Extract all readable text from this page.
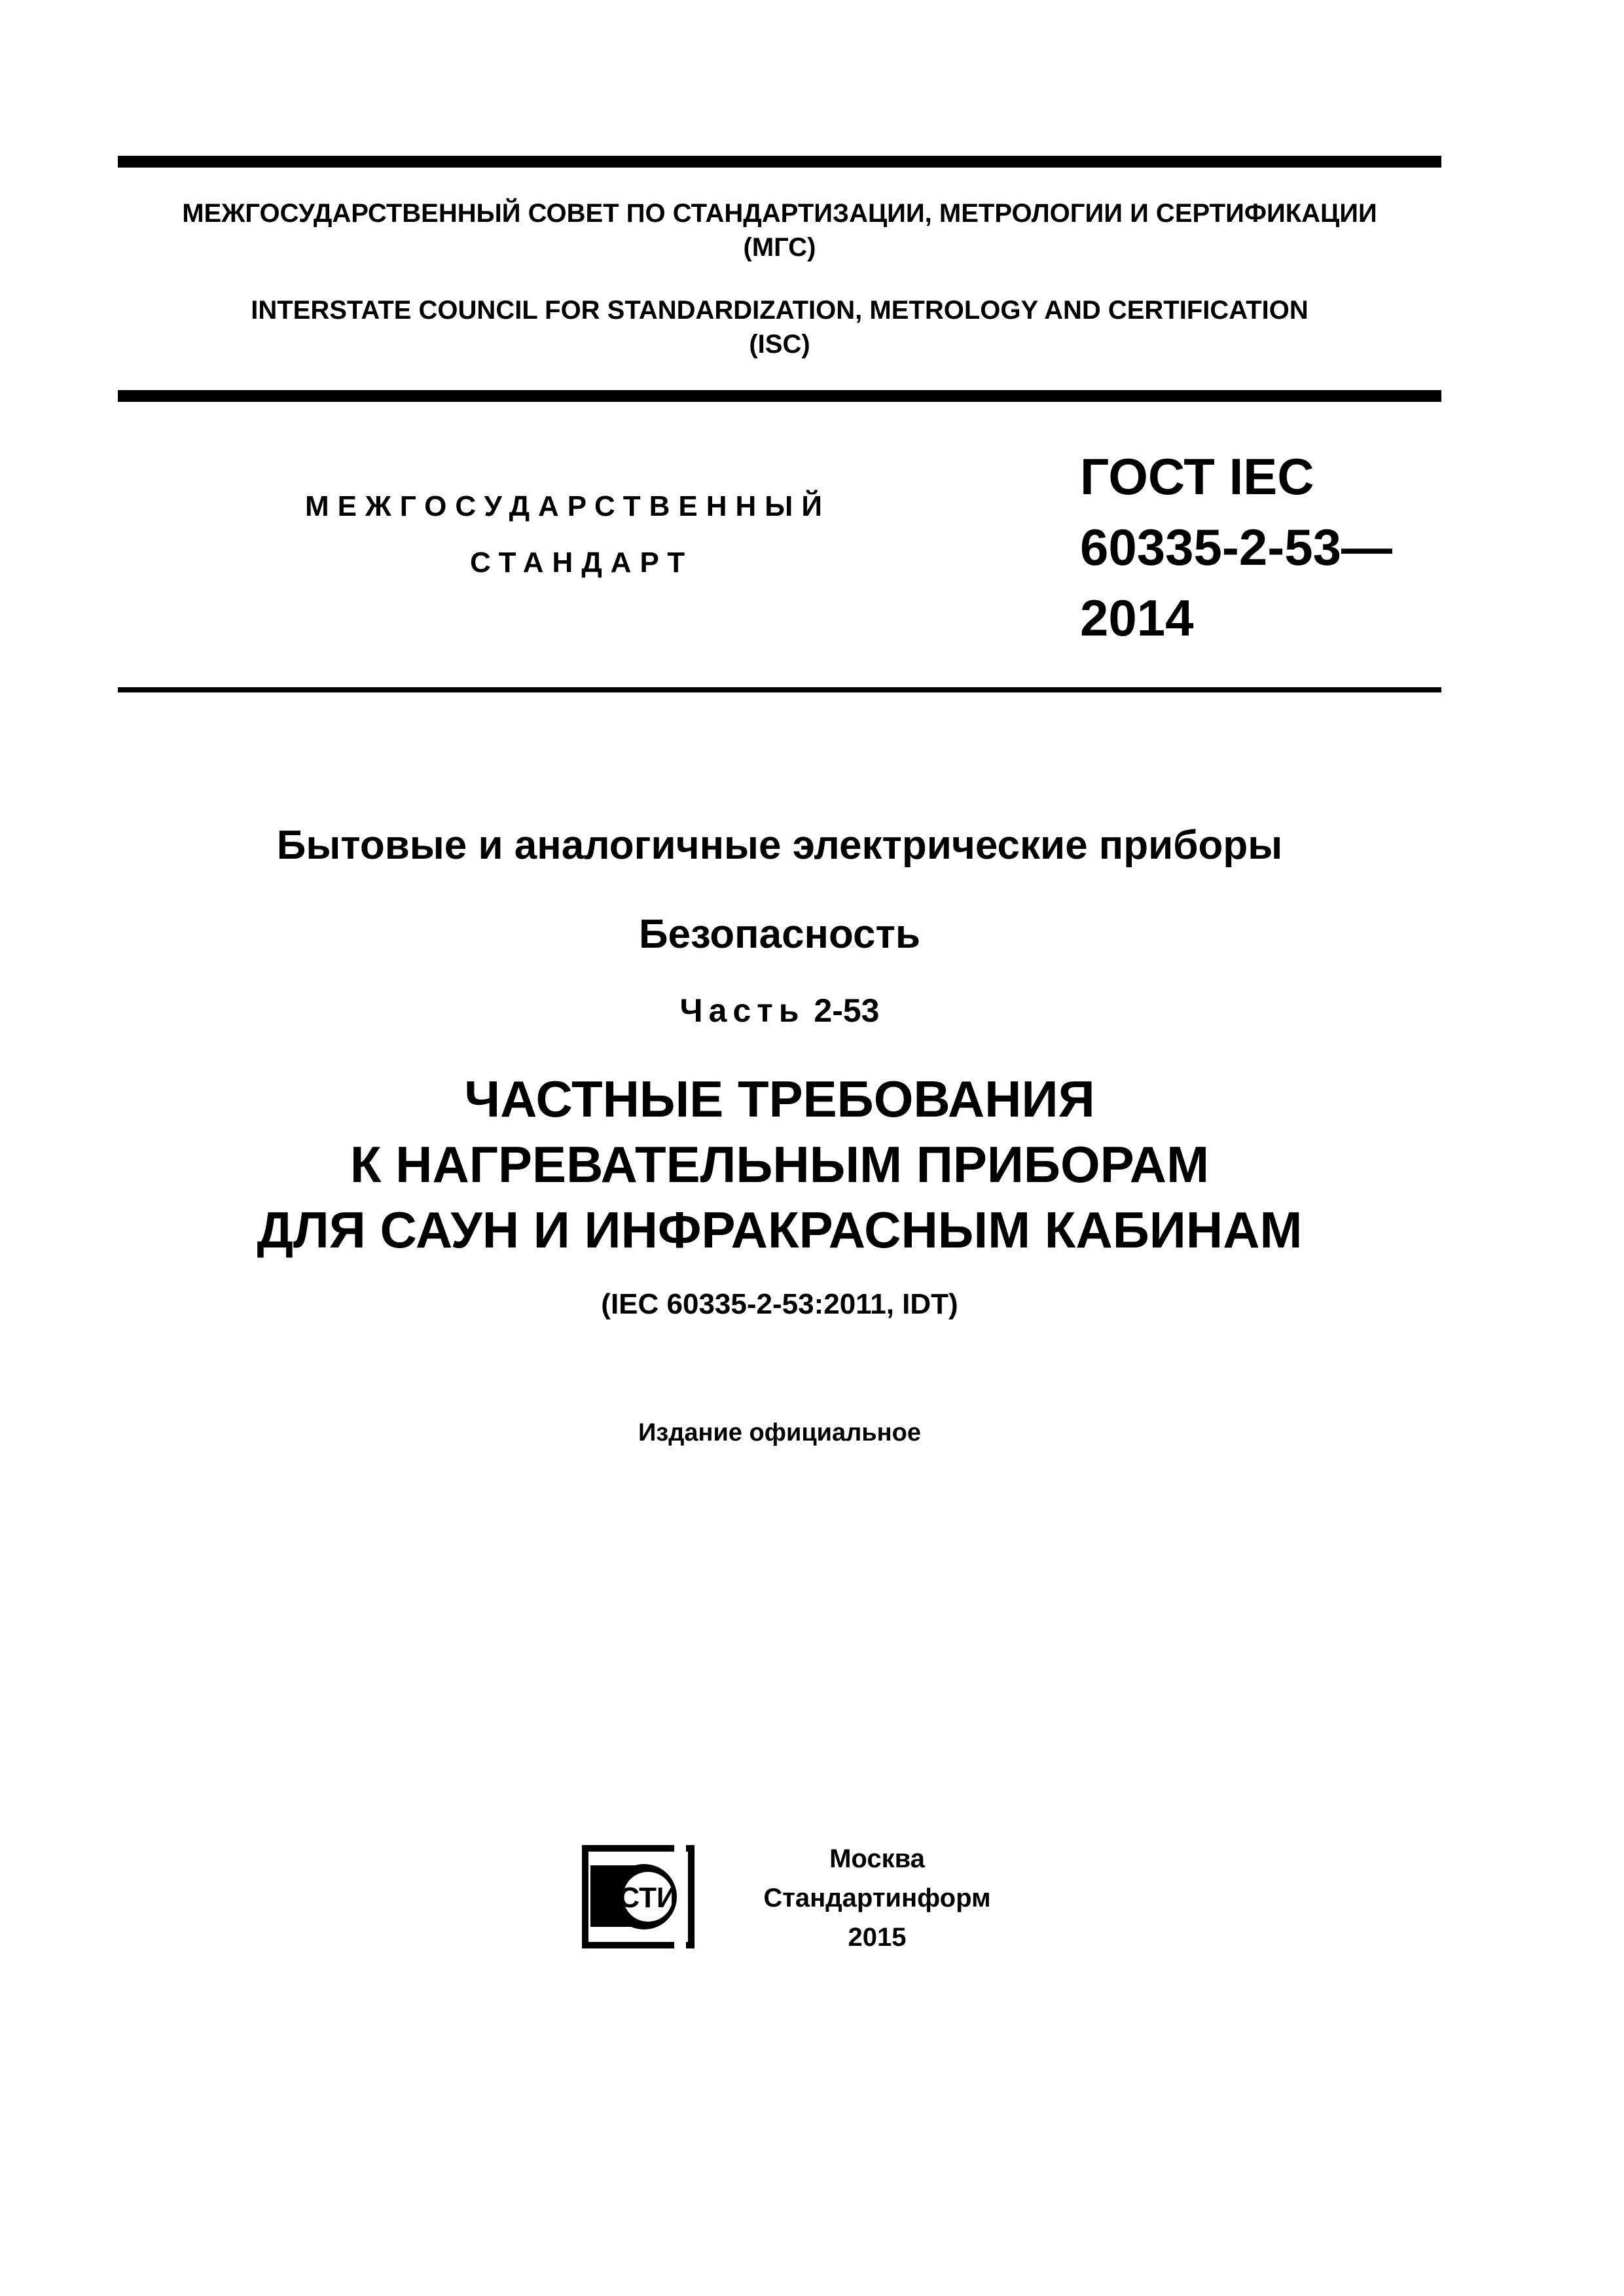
МЕЖГОСУДАРСТВЕННЫЙ СОВЕТ ПО СТАНДАРТИЗАЦИИ, МЕТРОЛОГИИ И СЕРТИФИКАЦИИ
(МГС)
INTERSTATE COUNCIL FOR STANDARDIZATION, METROLOGY AND CERTIFICATION
(ISC)
МЕЖГОСУДАРСТВЕННЫЙ
СТАНДАРТ
ГОСТ IEC
60335-2-53—
2014
Бытовые и аналогичные электрические приборы
Безопасность
Часть 2-53
ЧАСТНЫЕ ТРЕБОВАНИЯ
К НАГРЕВАТЕЛЬНЫМ ПРИБОРАМ
ДЛЯ САУН И ИНФРАКРАСНЫМ КАБИНАМ
(IEC 60335-2-53:2011, IDT)
Издание официальное
СТИ
Москва
Стандартинформ
2015
